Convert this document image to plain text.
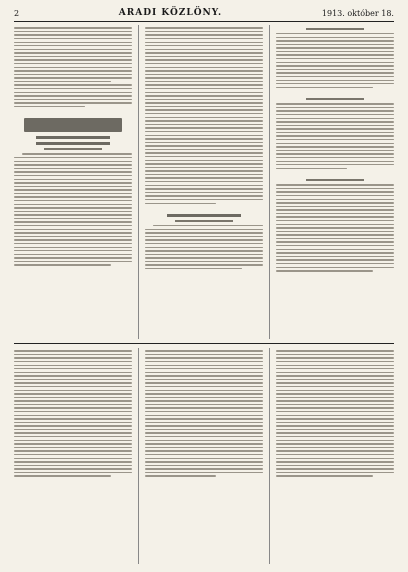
2	ARADI KÖZLÖNY.	1913. október 18.
